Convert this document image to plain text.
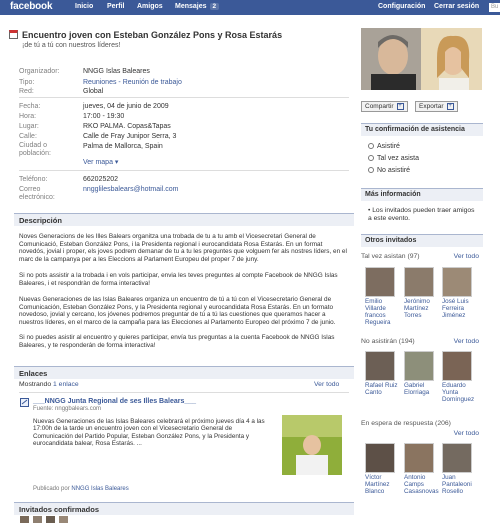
facebook	Inicio Perfil Amigos Mensajes 2	Configuración Cerrar sesión	Bu
Encuentro joven con Esteban González Pons y Rosa Estarás
¡de tú a tú con nuestros líderes!
Organizador:	NNGG Islas Baleares
Tipo:	Reuniones - Reunión de trabajo
Red:	Global
Fecha:	jueves, 04 de junio de 2009
Hora:	17:00 - 19:30
Lugar:	RKO PALMA. Copas&Tapas
Calle:	Calle de Fray Junipor Serra, 3
Ciudad o población:
Palma de Mallorca, Spain
Ver mapa ▾
Teléfono:	662025202
Correo electrónico:
nngglilesbalears@hotmail.com
Descripción

Noves Generacions de les Illes Balears organitza una trobada de tu a tu amb el Vicesecretari General de Comunicació, Esteban González Pons, i la Presidenta regional i eurocandidata Rosa Estarás. En un format novedós, jovial i proper, els joves podrem demanar de tu a tu les preguntes que volguem fer als nostres líders, en el marc de la campanya per a les Eleccions al Parlament Europeu del proper 7 de juny.

Si no pots assistir a la trobada i en vols participar, envia les teves preguntes al compte Facebook de NNGG Islas Baleares, i et respondràn de forma interactiva!

Nuevas Generaciones de las Islas Baleares organiza un encuentro de tú a tú con el Vicesecretario General de Comunicación, Esteban González Pons, y la Presidenta regional y eurocandidata Rosa Estarás. En un formato novedoso, jovial y cercano, los jóvenes podremos preguntar de tú a tú las cuestiones que queramos hacer a nuestros líderes, en el marco de la campaña para las Elecciones al Parlamento Europeo del próximo 7 de junio.

Si no puedes asistir al encuentro y quieres participar, envía tus preguntas a la cuenta Facebook de NNGG Islas Baleares, y te responderán de forma interactiva!

Enlaces
Mostrando 1 enlace	Ver todo
___NNGG Junta Regional de ses Illes Balears___
Fuente: nnggbalears.com

Nuevas Generaciones de las Islas Baleares celebrará el próximo jueves día 4 a las 17:00h de la tarde un encuentro joven con el Vicesecretario General de Comunicación del Partido Popular, Esteban González Pons, y la Presidenta y eurocandidata balear, Rosa Estarás. ...

Publicado por NNGG Islas Baleares
Invitados confirmados
Compartir +	Exportar +
Tu confirmación de asistencia
Asistiré
Tal vez asista
No asistiré
Más información
• Los invitados pueden traer amigos a este evento.
Otros invitados
Tal vez asistan (97)	Ver todo
Emilio Villarde francos Regueira
Jerónimo Martínez Torres
José Luis Ferreira Jiménez
No asistirán (194)	Ver todo
Rafael Ruiz Canto
Gabriel Elorriaga
Eduardo Yunta Domínguez
En espera de respuesta (206)
Ver todo
Víctor Martínez Blanco
Antonio Camps Casasnovas
Juan Pantaleoni Rosello
